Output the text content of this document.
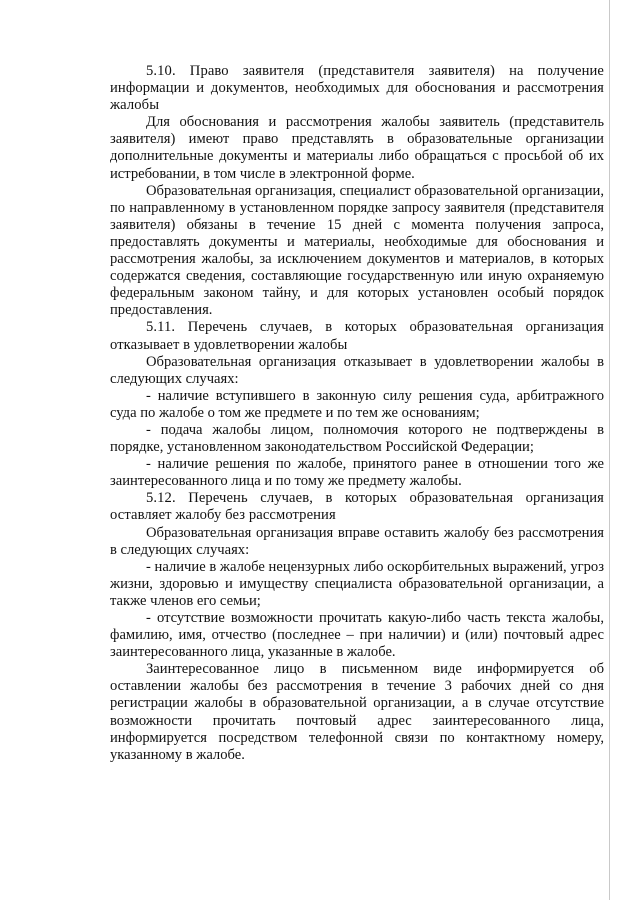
5.10. Право заявителя (представителя заявителя) на получение информации и документов, необходимых для обоснования и рассмотрения жалобы

Для обоснования и рассмотрения жалобы заявитель (представитель заявителя) имеют право представлять в образовательные организации дополнительные документы и материалы либо обращаться с просьбой об их истребовании, в том числе в электронной форме.

Образовательная организация, специалист образовательной организации, по направленному в установленном порядке запросу заявителя (представителя заявителя) обязаны в течение 15 дней с момента получения запроса, предоставлять документы и материалы, необходимые для обоснования и рассмотрения жалобы, за исключением документов и материалов, в которых содержатся сведения, составляющие государственную или иную охраняемую федеральным законом тайну, и для которых установлен особый порядок предоставления.

5.11. Перечень случаев, в которых образовательная организация отказывает в удовлетворении жалобы

Образовательная организация отказывает в удовлетворении жалобы в следующих случаях:

- наличие вступившего в законную силу решения суда, арбитражного суда по жалобе о том же предмете и по тем же основаниям;

- подача жалобы лицом, полномочия которого не подтверждены в порядке, установленном законодательством Российской Федерации;

- наличие решения по жалобе, принятого ранее в отношении того же заинтересованного лица и по тому же предмету жалобы.

5.12. Перечень случаев, в которых образовательная организация оставляет жалобу без рассмотрения

Образовательная организация вправе оставить жалобу без рассмотрения в следующих случаях:

- наличие в жалобе нецензурных либо оскорбительных выражений, угроз жизни, здоровью и имуществу специалиста образовательной организации, а также членов его семьи;

- отсутствие возможности прочитать какую-либо часть текста жалобы, фамилию, имя, отчество (последнее – при наличии) и (или) почтовый адрес заинтересованного лица, указанные в жалобе.

Заинтересованное лицо в письменном виде информируется об оставлении жалобы без рассмотрения в течение 3 рабочих дней со дня регистрации жалобы в образовательной организации, а в случае отсутствие возможности прочитать почтовый адрес заинтересованного лица, информируется посредством телефонной связи по контактному номеру, указанному в жалобе.
